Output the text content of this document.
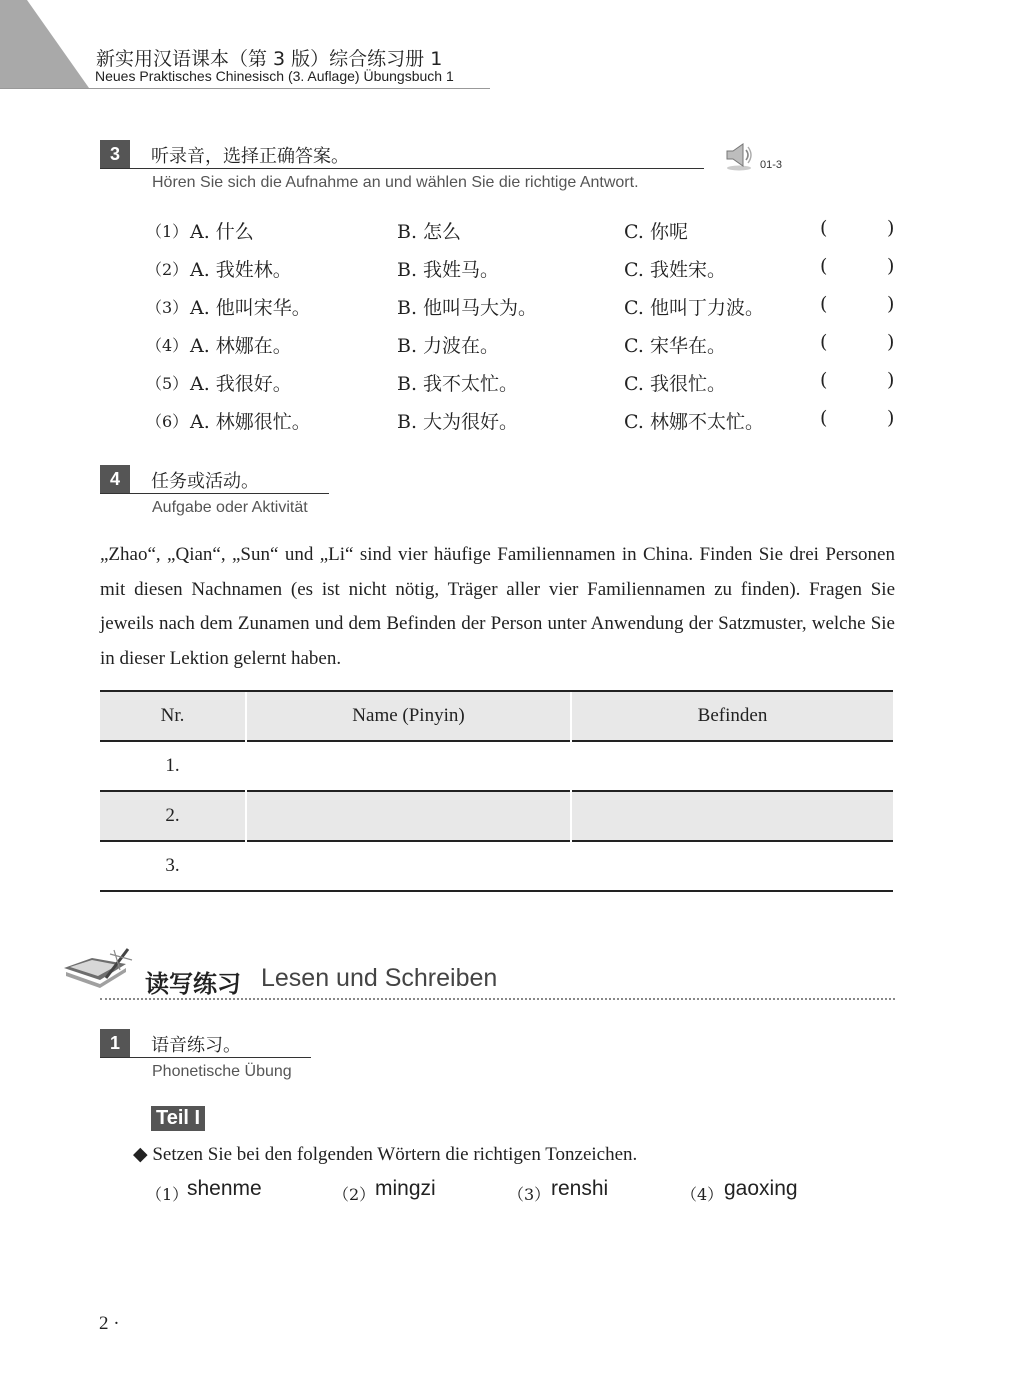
新实用汉语课本（第 3 版）综合练习册 1
Neues Praktisches Chinesisch (3. Auflage) Übungsbuch 1
3	听录音，选择正确答案。
Hören Sie sich die Aufnahme an und wählen Sie die richtige Antwort.
01-3
（1） A. 什么	B. 怎么	C. 你呢	(	)
（2） A. 我姓林。	B. 我姓马。	C. 我姓宋。	(	)
（3） A. 他叫宋华。	B. 他叫马大为。	C. 他叫丁力波。	(	)
（4） A. 林娜在。	B. 力波在。	C. 宋华在。	(	)
（5） A. 我很好。	B. 我不太忙。	C. 我很忙。	(	)
（6） A. 林娜很忙。	B. 大为很好。	C. 林娜不太忙。	(	)
4	任务或活动。
Aufgabe oder Aktivität
„Zhao“, „Qian“, „Sun“ und „Li“ sind vier häufige Familiennamen in China. Finden Sie drei Personen mit diesen Nachnamen (es ist nicht nötig, Träger aller vier Familiennamen zu finden). Fragen Sie jeweils nach dem Zunamen und dem Befinden der Person unter Anwendung der Satzmuster, welche Sie in dieser Lektion gelernt haben.
Nr.	Name (Pinyin)	Befinden
1.		
2.		
3.		
读写练习 Lesen und Schreiben
1	语音练习。
Phonetische Übung
Teil I
◆ Setzen Sie bei den folgenden Wörtern die richtigen Tonzeichen.
（1）
shenme	（2） mingzi	（3） renshi	（4） gaoxing
2 ·
